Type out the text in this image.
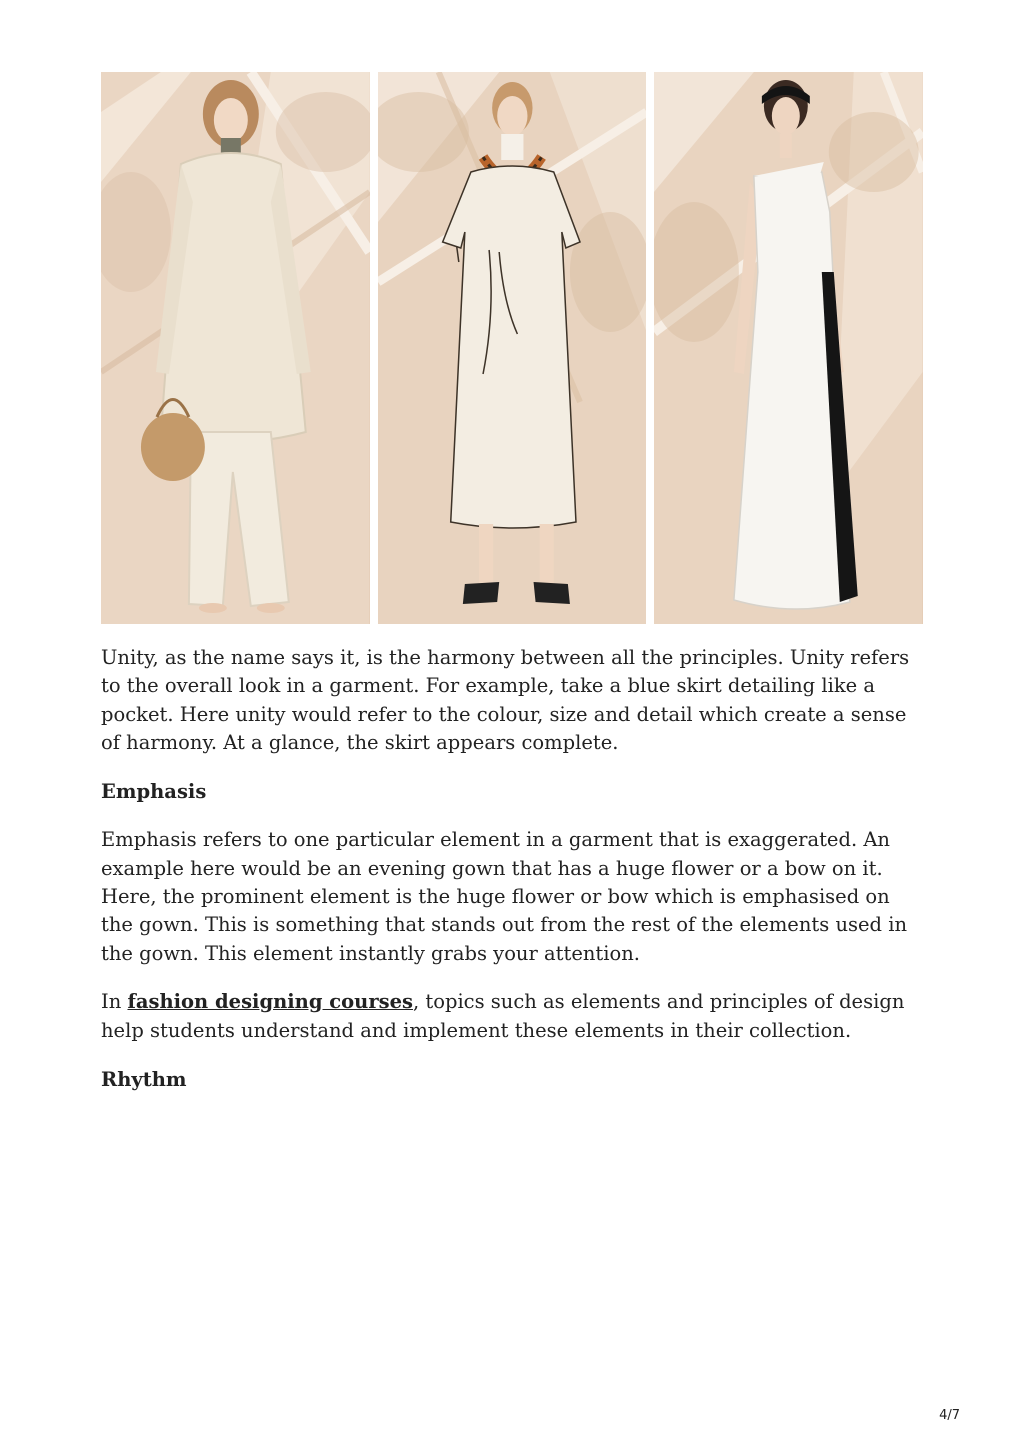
Unity, as the name says it, is the harmony between all the principles. Unity refers to the overall look in a garment. For example, take a blue skirt detailing like a pocket. Here unity would refer to the colour, size and detail which create a sense of harmony. At a glance, the skirt appears complete.

Emphasis

Emphasis refers to one particular element in a garment that is exaggerated. An example here would be an evening gown that has a huge flower or a bow on it. Here, the prominent element is the huge flower or bow which is emphasised on the gown. This is something that stands out from the rest of the elements used in the gown. This element instantly grabs your attention.

In fashion designing courses, topics such as elements and principles of design help students understand and implement these elements in their collection.

Rhythm
4/7
